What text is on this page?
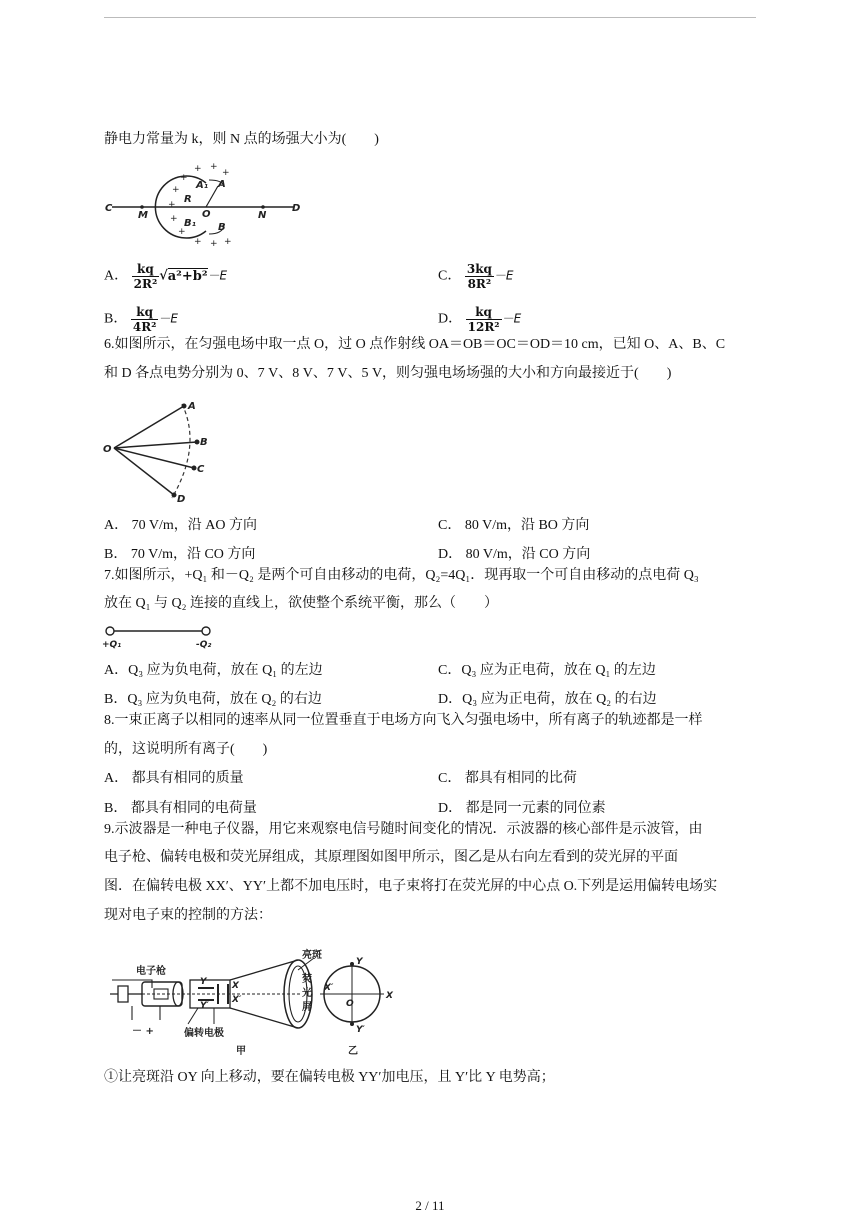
静电力常量为 k，则 N 点的场强大小为(　　)
C
M
R
O	N
D
A₁ A
B₁ B
+ +
+
+
+
+
+
+
+ + +
A． $\frac{kq}{\text{2R²}} √a^2+b^2-E$	C． $\frac{3kq}{\text{8R²}} -E$
B． $\frac{kq}{\text{4R²}} -E$	D． $\frac{kq}{\text{12R²}} -E$
6.如图所示，在匀强电场中取一点 O，过 O 点作射线 OA＝OB＝OC＝OD＝10 cm，已知 O、A、B、C
和 D 各点电势分别为 0、7 V、8 V、7 V、5 V，则匀强电场场强的大小和方向最接近于(　　)
O
A
B
C
D
A． 70 V/m，沿 AO 方向	C． 80 V/m，沿 BO 方向
B． 70 V/m，沿 CO 方向	D． 80 V/m，沿 CO 方向
7.如图所示，+Q₁ 和－Q₂ 是两个可自由移动的电荷，Q₂=4Q₁．现再取一个可自由移动的点电荷 Q₃
放在 Q₁ 与 Q₂ 连接的直线上，欲使整个系统平衡，那么（　　）
+Q₁	-Q₂
A．Q₃ 应为负电荷，放在 Q₁ 的左边	C．Q₃ 应为正电荷，放在 Q₁ 的左边
B．Q₃ 应为负电荷，放在 Q₂ 的右边	D．Q₃ 应为正电荷，放在 Q₂ 的右边
8.一束正离子以相同的速率从同一位置垂直于电场方向飞入匀强电场中，所有离子的轨迹都是一样
的，这说明所有离子(　　)
A． 都具有相同的质量	C． 都具有相同的比荷
B． 都具有相同的电荷量	D． 都是同一元素的同位素
9.示波器是一种电子仪器，用它来观察电信号随时间变化的情况．示波器的核心部件是示波管，由
电子枪、偏转电极和荧光屏组成，其原理图如图甲所示，图乙是从右向左看到的荧光屏的平面
图．在偏转电极 XX′、YY′上都不加电压时，电子束将打在荧光屏的中心点 O.下列是运用偏转电场实
现对电子束的控制的方法：
电子枪
偏转电极
亮斑
荧
光
屏
甲	乙
－ +
Y
Y′
X
X′
O
X
X′
Y
Y′
①让亮斑沿 OY 向上移动，要在偏转电极 YY′加电压，且 Y′比 Y 电势高；
2 / 11
